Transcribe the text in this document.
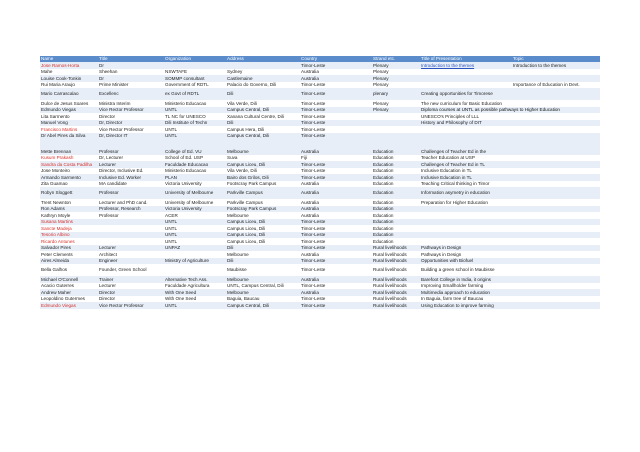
Name	Title	Organization	Address	Country	Strand etc.	Title of Presentation	Topic
Jose Ramos-Horta	Dr			Timor-Leste	Plenary	Introduction to the themes	Introduction to the themes
Mahe	Sheehan	NSWTAFE	Sydney	Australia	Plenary		
Louise Cook-Tonkin	Dr	SOMMP consultant	Castlemaine	Australia	Plenary		
Rui Maria Araujo	Prime Minister	Government of RDTL	Palacio do Governo, Dili	Timor-Leste	Plenary		Importance of Education in Devt.
Mario Carrascalao	Excellenc	ex Govt of RDTL	Dili	Timor-Leste	plenary	Creating opportunities for Timorese	
Dulce de Jesus Soares	Ministra Interim	Ministerio Educacao	Vila Verde, Dili	Timor-Leste	Plenary	The new curriculum for Basic Education	
Edmundo Viegas	Vice Rector Professor	UNTL	Campus Central, Dili	Timor-Leste	Plenary	Diploma courses at UNTL as possible pathways to Higher Education	
Lita Sarmento	Director	TL NC for UNESCO	Xanana Cultural Centre, Dili	Timor-Leste		UNESCO's Principles of LLL	
Manuel Vong	Dr, Director	Dili Institute of Techn	Dili	Timor-Leste		History and Philosophy of DIT	
Francisco Martins	Vice Rector Professor	UNTL	Campus Hera, Dili	Timor-Leste			
Dr Abel Pires da Silva	Dr, Director IT	UNTL	Campus Central, Dili	Timor-Leste			

Mette Brennan	Professor	College of Ed. VU	Melbourne	Australia	Education	Challenges of Teacher Ed in the	
Kusum Prakash	Dr, Lecturer	School of Ed. USP	Suva	Fiji	Education	Teacher Education at USP	
Sandra da Costa Padilha	Lecturer	Faculdade Educacao	Campus Liceu, Dili	Timor-Leste	Education	Challenges of Teacher Ed in TL	
Jose Monteiro	Director, Inclusive Ed.	Ministerio Educacao	Vila Verde, Dili	Timor-Leste	Education	Inclusive Education in TL	
Armando Sarmento	Inclusive Ed. Worker	PLAN	Bairo dos Grilos, Dili	Timor-Leste	Education	Inclusive Education in TL	
Zita Guamao	MA candidate	Victoria University	Footscray Park Campus	Australia	Education	Teaching Critical thinking in Timor	
Robyn Sloggett	Professor	University of Melbourne	Parkville Campus	Australia	Education	Information asymetry in education	
Trent Newnton	Lecturer and PhD cand.	University of Melbourne	Parkville Campus	Australia	Education	Preparation for Higher Education	
Ron Adams	Professor, Research	Victoria University	Footscray Park Campus	Australia	Education		
Kathryn Moyle	Professor	ACER	Melbourne	Australia	Education		
Susana Martins		UNTL	Campus Liceu, Dili	Timor-Leste	Education		
Sancte Madeja		UNTL	Campus Liceu, Dili	Timor-Leste	Education		
Tesorio Albino		UNTL	Campus Liceu, Dili	Timor-Leste	Education		
Ricardo Antunes		UNTL	Campus Liceu, Dili	Timor-Leste	Education		
Salvador Pires	Lecturer	UNPAZ	Dili	Timor-Leste	Rural livelihoods	Pathways in Design	
Peter Clements	Architect		Melbourne	Australia	Rural livelihoods	Pathways in Design	
Aires Almeida	Engineer	Ministry of Agriculture	Dili	Timor-Leste	Rural livelihoods	Opportunities with Biofuel	
Bella Galhos	Founder, Green School		Maubisse	Timor-Leste	Rural livelihoods	Building a green school in Maubisse	
Michael O'Connell	Trainer	Alternative Tech Ass.	Melbourne	Australia	Rural livelihoods	Barefoot College in India, it origins	
Acacio Guterres	Lecturer	Faculdade Agricultura	UNTL, Campus Central, Dili	Timor-Leste	Rural livelihoods	Improving Smallholder farming	
Andrew Maher	Director	With One Seed	Melbourne	Australia	Rural livelihoods	Multimedia approach to education	
Leopoldino Gutermes	Director	With One Seed	Baguia, Baucau	Timor-Leste	Rural livelihoods	In Baguia, farm tree of Baucau	
Edmundo Viegas	Vice Rector Professor	UNTL	Campus Central, Dili	Timor-Leste	Rural livelihoods	Using Education to improve farming	
